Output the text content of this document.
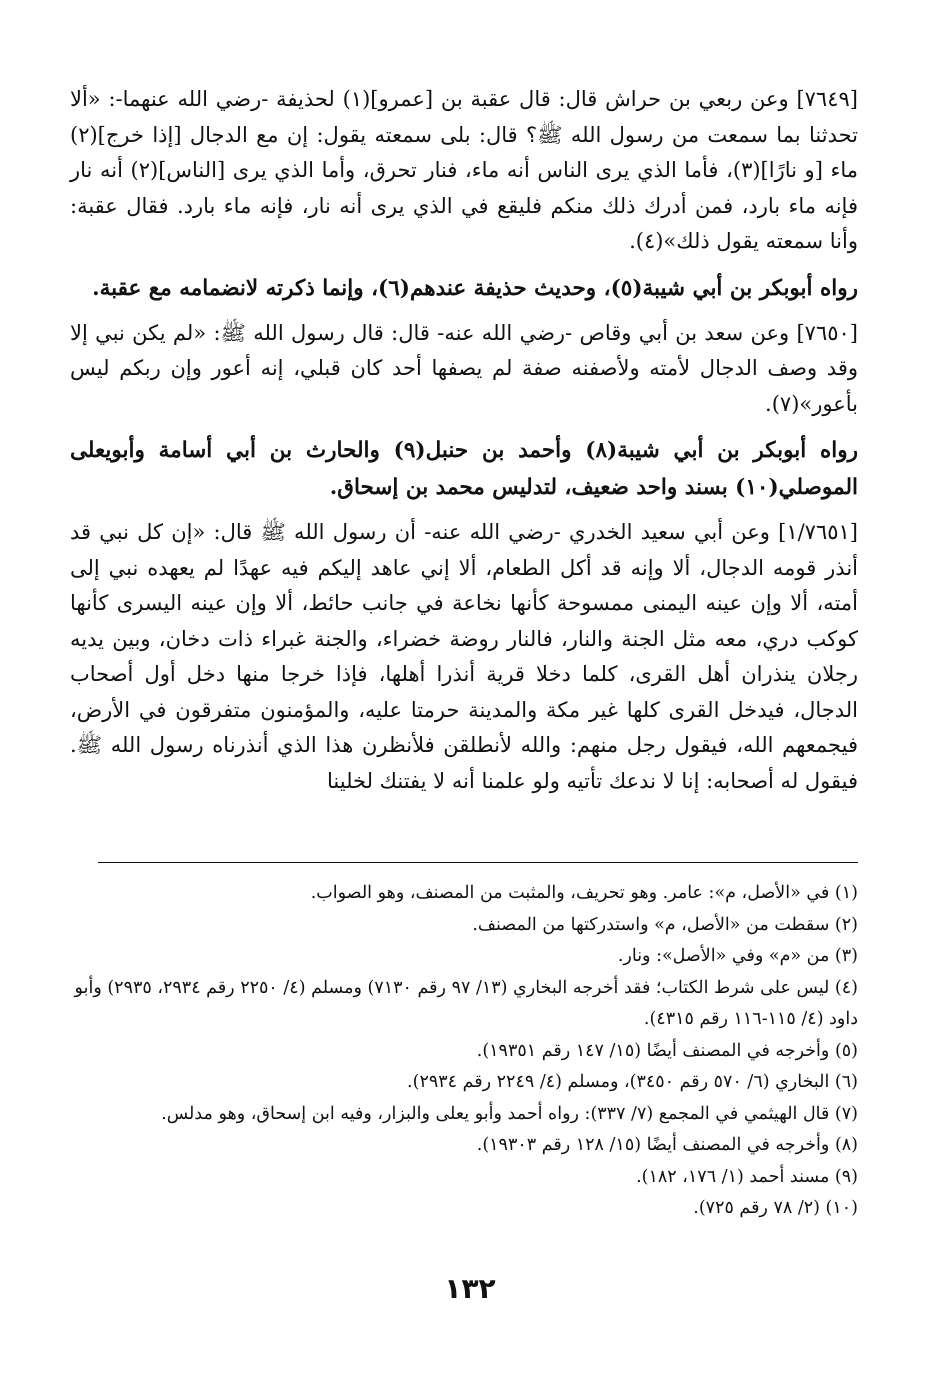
[٧٦٤٩] وعن ربعي بن حراش قال: قال عقبة بن [عمرو](١) لحذيفة -رضي الله عنهما-: «ألا تحدثنا بما سمعت من رسول الله ﷺ؟ قال: بلى سمعته يقول: إن مع الدجال [إذا خرج](٢) ماء [و نارًا](٣)، فأما الذي يرى الناس أنه ماء، فنار تحرق، وأما الذي يرى [الناس](٢) أنه نار فإنه ماء بارد، فمن أدرك ذلك منكم فليقع في الذي يرى أنه نار، فإنه ماء بارد. فقال عقبة: وأنا سمعته يقول ذلك»(٤).

رواه أبوبكر بن أبي شيبة(٥)، وحديث حذيفة عندهم(٦)، وإنما ذكرته لانضمامه مع عقبة.

[٧٦٥٠] وعن سعد بن أبي وقاص -رضي الله عنه- قال: قال رسول الله ﷺ: «لم يكن نبي إلا وقد وصف الدجال لأمته ولأصفنه صفة لم يصفها أحد كان قبلي، إنه أعور وإن ربكم ليس بأعور»(٧).

رواه أبوبكر بن أبي شيبة(٨) وأحمد بن حنبل(٩) والحارث بن أبي أسامة وأبويعلى الموصلي(١٠) بسند واحد ضعيف، لتدليس محمد بن إسحاق.

[١/٧٦٥١] وعن أبي سعيد الخدري -رضي الله عنه- أن رسول الله ﷺ قال: «إن كل نبي قد أنذر قومه الدجال، ألا وإنه قد أكل الطعام، ألا إني عاهد إليكم فيه عهدًا لم يعهده نبي إلى أمته، ألا وإن عينه اليمنى ممسوحة كأنها نخاعة في جانب حائط، ألا وإن عينه اليسرى كأنها كوكب دري، معه مثل الجنة والنار، فالنار روضة خضراء، والجنة غبراء ذات دخان، وبين يديه رجلان ينذران أهل القرى، كلما دخلا قرية أنذرا أهلها، فإذا خرجا منها دخل أول أصحاب الدجال، فيدخل القرى كلها غير مكة والمدينة حرمتا عليه، والمؤمنون متفرقون في الأرض، فيجمعهم الله، فيقول رجل منهم: والله لأنطلقن فلأنظرن هذا الذي أنذرناه رسول الله ﷺ. فيقول له أصحابه: إنا لا ندعك تأتيه ولو علمنا أنه لا يفتنك لخلينا

(١) في «الأصل، م»: عامر. وهو تحريف، والمثبت من المصنف، وهو الصواب.

(٢) سقطت من «الأصل، م» واستدركتها من المصنف.

(٣) من «م» وفي «الأصل»: ونار.

(٤) ليس على شرط الكتاب؛ فقد أخرجه البخاري (١٣/ ٩٧ رقم ٧١٣٠) ومسلم (٤/ ٢٢٥٠ رقم ٢٩٣٤، ٢٩٣٥) وأبو داود (٤/ ١١٥-١١٦ رقم ٤٣١٥).

(٥) وأخرجه في المصنف أيضًا (١٥/ ١٤٧ رقم ١٩٣٥١).

(٦) البخاري (٦/ ٥٧٠ رقم ٣٤٥٠)، ومسلم (٤/ ٢٢٤٩ رقم ٢٩٣٤).

(٧) قال الهيثمي في المجمع (٧/ ٣٣٧): رواه أحمد وأبو يعلى والبزار، وفيه ابن إسحاق، وهو مدلس.

(٨) وأخرجه في المصنف أيضًا (١٥/ ١٢٨ رقم ١٩٣٠٣).

(٩) مسند أحمد (١/ ١٧٦، ١٨٢).

(١٠) (٢/ ٧٨ رقم ٧٢٥).

١٣٢
